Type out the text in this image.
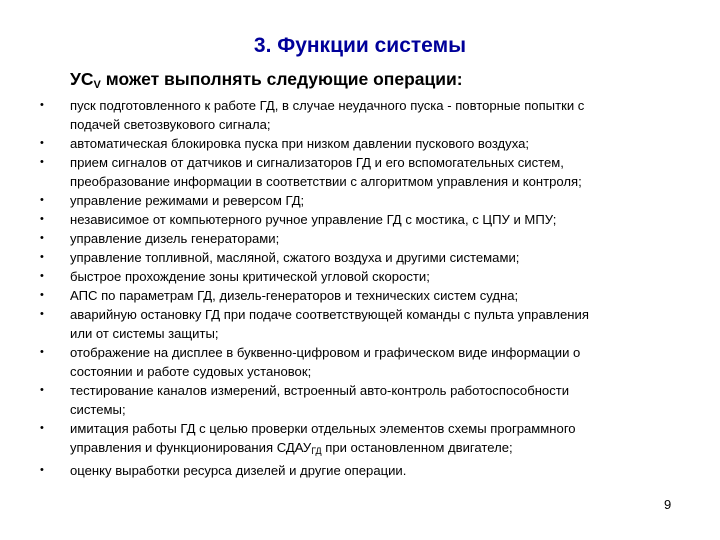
3. Функции системы
$УС_V$ может выполнять следующие операции:
• пуск подготовленного к работе ГД, в случае неудачного пуска - повторные попытки с
подачей светозвукового сигнала;
• автоматическая блокировка пуска при низком давлении пускового воздуха;
• прием сигналов от датчиков и сигнализаторов ГД и его вспомогательных систем,
преобразование информации в соответствии с алгоритмом управления и контроля;
• управление режимами и реверсом ГД;
• независимое от компьютерного ручное управление ГД с мостика, с ЦПУ и МПУ;
• управление дизель генераторами;
• управление топливной, масляной, сжатого воздуха и другими системами;
• быстрое прохождение зоны критической угловой скорости;
• АПС по параметрам ГД, дизель-генераторов и технических систем судна;
• аварийную остановку ГД при подаче соответствующей команды с пульта управления
или от системы защиты;
• отображение на дисплее в буквенно-цифровом и графическом виде информации о
состоянии и работе судовых установок;
• тестирование каналов измерений, встроенный авто-контроль работоспособности
системы;
• имитация работы ГД с целью проверки отдельных элементов схемы программного
управления и функционирования $СДАУ_{ГД}$ при остановленном двигателе;
• оценку выработки ресурса дизелей и другие операции.
9
